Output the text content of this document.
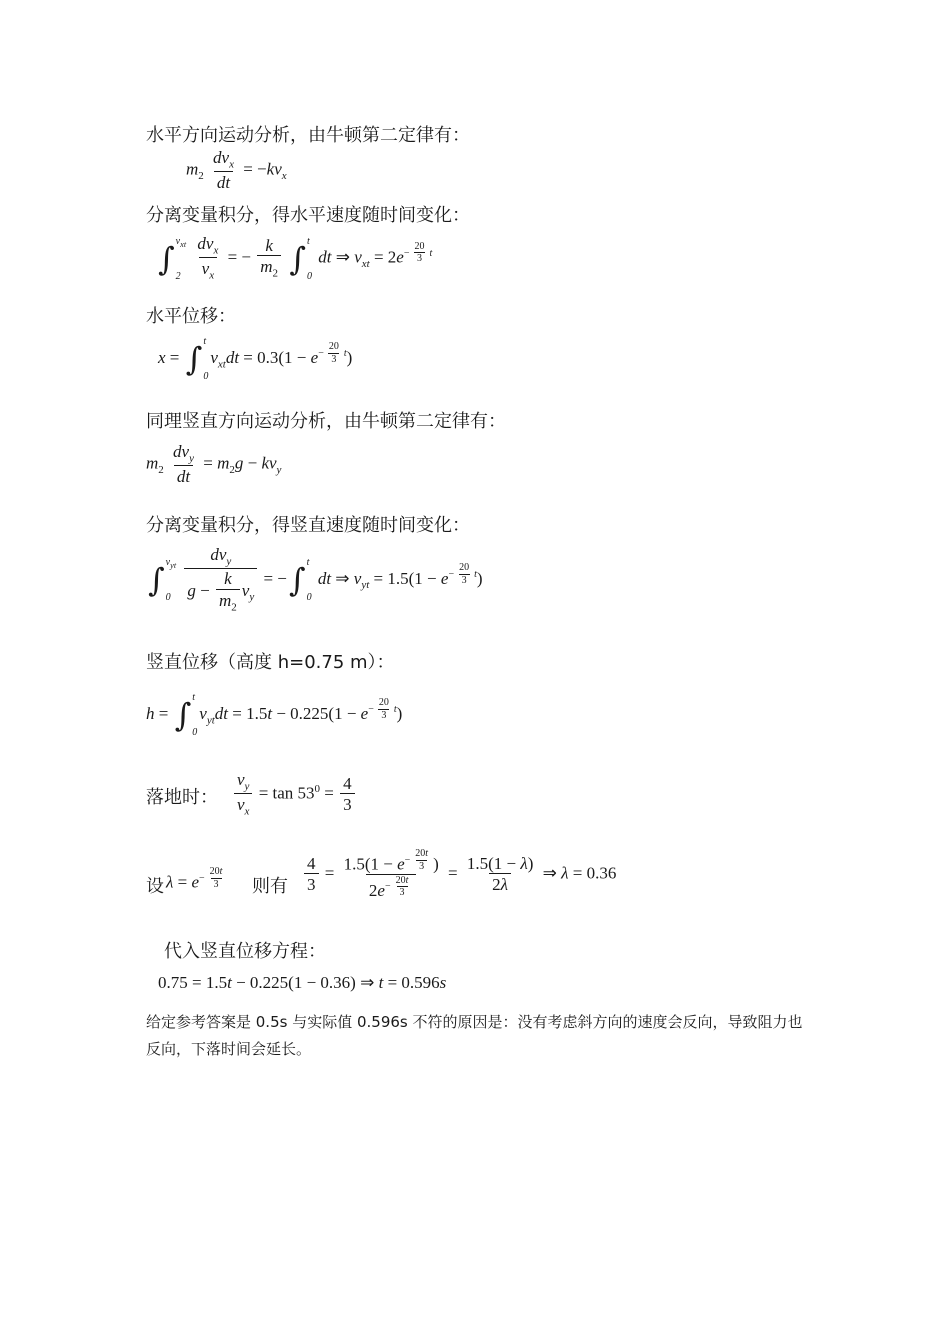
水平方向运动分析，由牛顿第二定律有：
$m_2 \frac{dv_x}{dt} = -kv_x$
分离变量积分，得水平速度随时间变化：
∫ $v_{xt}$
2
$\frac{dv_x}{v_x}$ = − $\frac{k}{m_2}$
∫ t
0
dt ⇒ $v_{xt} = 2e- \frac{20}{3}$ t
水平位移：
x = ∫ t
0
$v_{xt}dt = 0.3(1 - e- \frac{20}{3}$ t )
同理竖直方向运动分析，由牛顿第二定律有：
$m_2 \frac{dv_y}{dt} = m_2g - kv_y$
分离变量积分，得竖直速度随时间变化：
∫ $v_{yt}$
0
$\frac{dv_y}{g - \frac{k}{m_2} v_y}$ = − ∫ t
0
dt ⇒ $v_{yt} = 1.5(1 - e- \frac{20}{3}$ t )
竖直位移（高度 h=0.75 m）：
h = ∫ t
0
$v_{yt}dt = 1.5t - 0.225(1 - e- \frac{20}{3}$ t )
落地时： $\frac{v_y}{v_x} = \tan 53^0 = \frac{4}{3}$
设 $\lambda = e- \frac{20t}{3}$ 则有 $\frac{4}{3} = \frac{1.5(1 - e- \frac{20t}{3} )}{2e- \frac{20t}{3}} = \frac{1.5(1 - \lambda)}{2\lambda}$ ⇒ λ = 0.36
代入竖直位移方程：
0.75 = 1.5t − 0.225(1 − 0.36) ⇒ t = 0.596s
给定参考答案是 0.5s 与实际值 0.596s 不符的原因是：没有考虑斜方向的速度会反向，导致阻力也反向，下落时间会延长。
